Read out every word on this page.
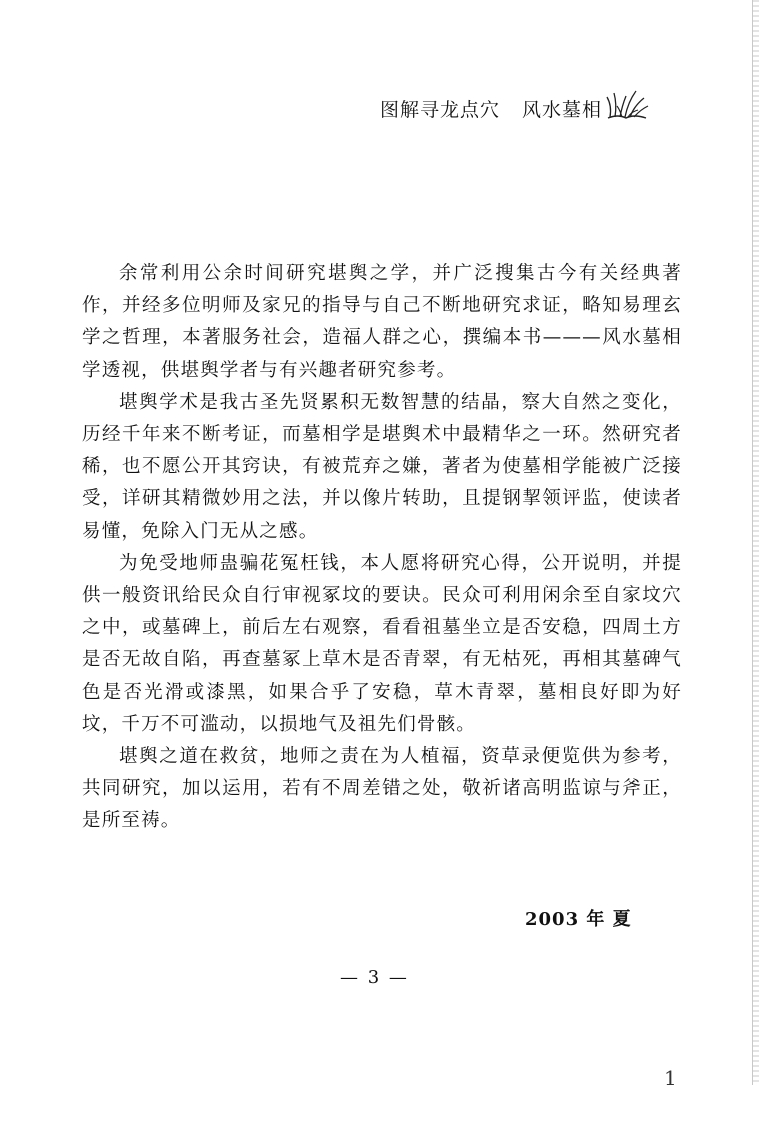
图解寻龙点穴 风水墓相

余常利用公余时间研究堪舆之学，并广泛搜集古今有关经典著作，并经多位明师及家兄的指导与自己不断地研究求证，略知易理玄学之哲理，本著服务社会，造福人群之心，撰编本书———风水墓相学透视，供堪舆学者与有兴趣者研究参考。

堪舆学术是我古圣先贤累积无数智慧的结晶，察大自然之变化，历经千年来不断考证，而墓相学是堪舆术中最精华之一环。然研究者稀，也不愿公开其窍诀，有被荒弃之嫌，著者为使墓相学能被广泛接受，详研其精微妙用之法，并以像片转助，且提钢挈领评监，使读者易懂，免除入门无从之感。

为免受地师蛊骗花冤枉钱，本人愿将研究心得，公开说明，并提供一般资讯给民众自行审视冢坟的要诀。民众可利用闲余至自家坟穴之中，或墓碑上，前后左右观察，看看祖墓坐立是否安稳，四周土方是否无故自陷，再查墓冢上草木是否青翠，有无枯死，再相其墓碑气色是否光滑或漆黑，如果合乎了安稳，草木青翠，墓相良好即为好坟，千万不可滥动，以损地气及祖先们骨骸。

堪舆之道在救贫，地师之责在为人植福，资草录便览供为参考，共同研究，加以运用，若有不周差错之处，敬祈诸高明监谅与斧正，是所至祷。

2003 年 夏
— 3 —
1
